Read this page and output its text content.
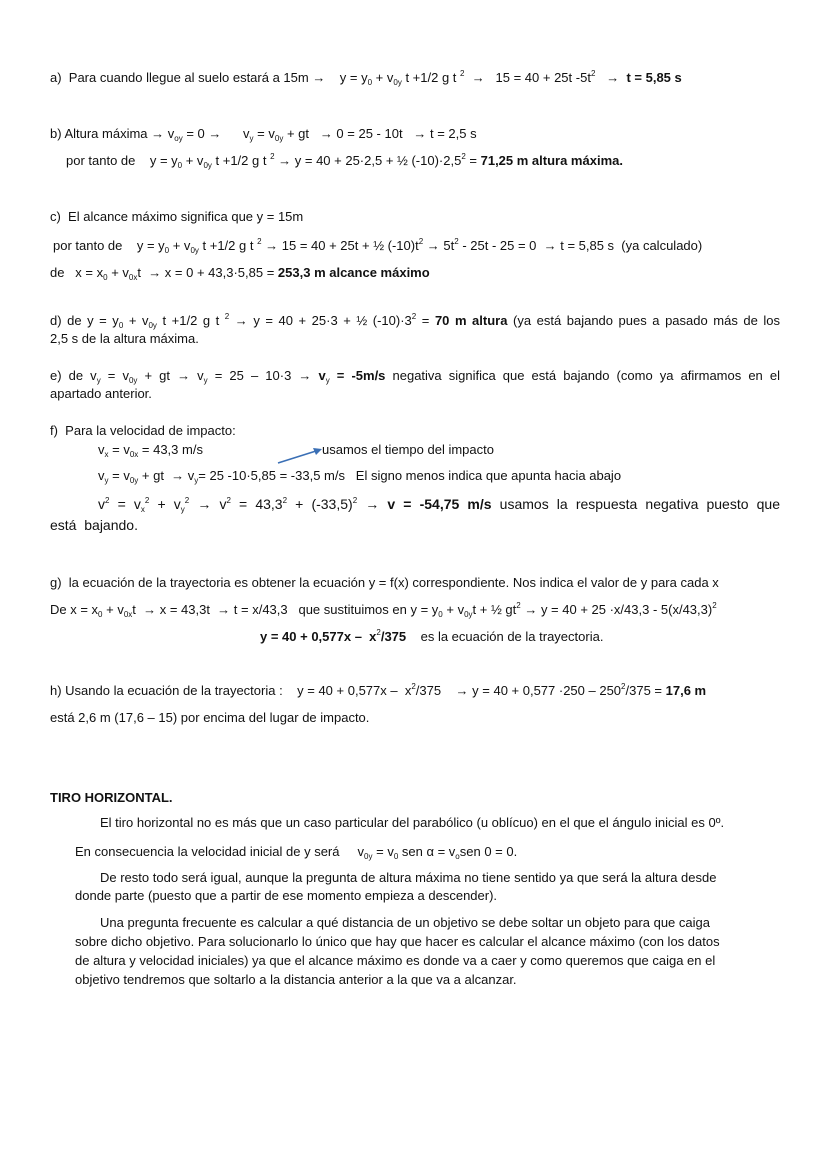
a)  Para cuando llegue al suelo estará a 15m →    $y = y_0 + v_{0y}$ t +1/2 g t $^2$  →   15 = 40 + 25t $-5t^2 \to t = 5,85$ s
b) Altura máxima → $v_{oy} = 0$ →      $v_y = v_{0y}$ + gt   → 0 = 25 - 10t   → t = 2,5 s
por tanto de    $y = y_0 + v_{0y}$ t +1/2 g t $^2$ → y = 40 + 25·2,5 + ½ $(-10)\cdot 2,5^2 = 71,25$ m altura máxima.
c)  El alcance máximo significa que y = 15m
por tanto de    $y = y_0 + v_{0y}$ t +1/2 g t $^2$ → 15 = 40 + 25t + ½ $(-10)t^2 \to 5t^2 - 25t - 25 = 0 \to t = 5,85$ s  (ya calculado)
de   $x = x_0 + v_{0x}t \to x = 0 + 43,3\cdot 5,85 = 253,3$ m alcance máximo
d) de $y = y_0 + v_{0y}$ t +1/2 g t $^2$ → y = 40 + 25·3 + ½ $(-10)\cdot 3^2 = 70$ m altura (ya está bajando pues a pasado más de los
2,5 s de la altura máxima.
e) de $v_y = v_{0y}$ + gt → $v_y = 25 - 10\cdot 3 \to v_y = -5m/s$ negativa significa que está bajando (como ya afirmamos en el
apartado anterior.
f)  Para la velocidad de impacto:
$v_x = v_{0x} = 43,3$ m/s	usamos el tiempo del impacto
$v_y = v_{0y}$ + gt  → $v_y= 25$ -10·5,85 = -33,5 m/s   El signo menos indica que apunta hacia abajo
$v^2 = v_x^2 + v_y^2 \to v^2 = 43,3^2 + (-33,5)^2 \to v = -54,75$ m/s usamos la respuesta negativa puesto que
está  bajando.
g)  la ecuación de la trayectoria es obtener la ecuación y = f(x) correspondiente. Nos indica el valor de y para cada x
De $x = x_0 + v_{0x}t \to x = 43,3t \to t = x/43,3$   que sustituimos en $y = y_0 + v_{0y}t$ + ½ $gt^2 \to y = 40 + 25 \cdot x/43,3 - 5(x/43,3)^2$
$y = 40 + 0,577x - x^2/375$    es la ecuación de la trayectoria.
h) Usando la ecuación de la trayectoria :    $y = 40 + 0,577x - x^2/375$    → $y = 40 + 0,577 \cdot 250 - 250^2/375 = 17,6$ m
está 2,6 m (17,6 – 15) por encima del lugar de impacto.
TIRO HORIZONTAL.
El tiro horizontal no es más que un caso particular del parabólico (u oblícuo) en el que el ángulo inicial es 0º.
En consecuencia la velocidad inicial de y será     $v_{0y} = v_0$ sen $\alpha = v_osen$ 0 = 0.
De resto todo será igual, aunque la pregunta de altura máxima no tiene sentido ya que será la altura desde
donde parte (puesto que a partir de ese momento empieza a descender).
Una pregunta frecuente es calcular a qué distancia de un objetivo se debe soltar un objeto para que caiga
sobre dicho objetivo. Para solucionarlo lo único que hay que hacer es calcular el alcance máximo (con los datos
de altura y velocidad iniciales) ya que el alcance máximo es donde va a caer y como queremos que caiga en el
objetivo tendremos que soltarlo a la distancia anterior a la que va a alcanzar.
